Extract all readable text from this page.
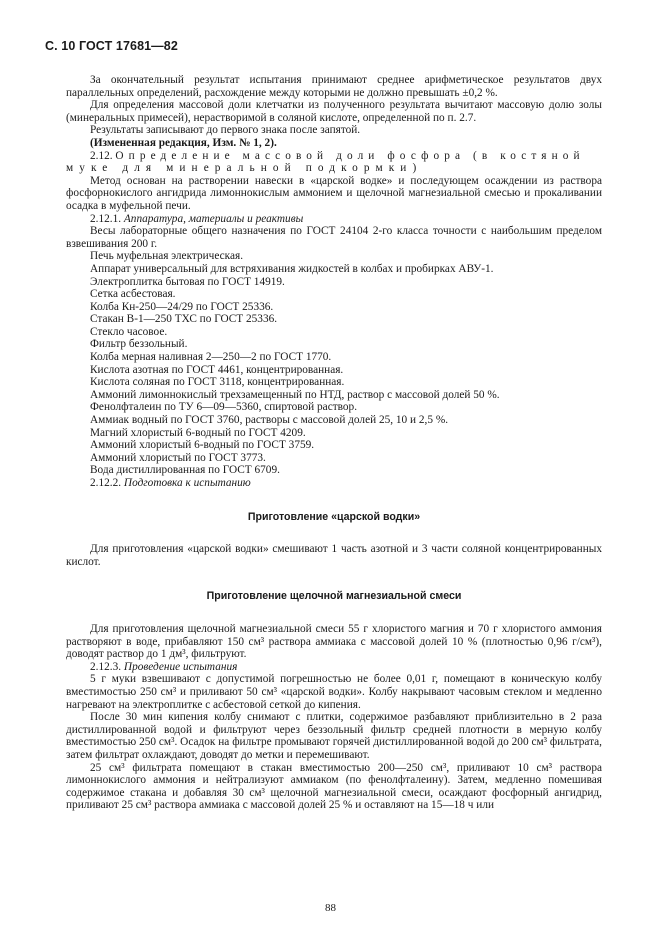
С. 10 ГОСТ 17681—82

За окончательный результат испытания принимают среднее арифметическое результатов двух параллельных определений, расхождение между которыми не должно превышать ±0,2 %.

Для определения массовой доли клетчатки из полученного результата вычитают массовую долю золы (минеральных примесей), нерастворимой в соляной кислоте, определенной по п. 2.7.

Результаты записывают до первого знака после запятой.

(Измененная редакция, Изм. № 1, 2).

2.12. Определение массовой доли фосфора (в костяной

муке для минеральной подкормки)

Метод основан на растворении навески в «царской водке» и последующем осаждении из раствора фосфорнокислого ангидрида лимоннокислым аммонием и щелочной магнезиальной смесью и прокаливании осадка в муфельной печи.

2.12.1. Аппаратура, материалы и реактивы

Весы лабораторные общего назначения по ГОСТ 24104 2-го класса точности с наибольшим пределом взвешивания 200 г.

Печь муфельная электрическая.

Аппарат универсальный для встряхивания жидкостей в колбах и пробирках АВУ-1.

Электроплитка бытовая по ГОСТ 14919.

Сетка асбестовая.

Колба Кн-250—24/29 по ГОСТ 25336.

Стакан В-1—250 ТХС по ГОСТ 25336.

Стекло часовое.

Фильтр беззольный.

Колба мерная наливная 2—250—2 по ГОСТ 1770.

Кислота азотная по ГОСТ 4461, концентрированная.

Кислота соляная по ГОСТ 3118, концентрированная.

Аммоний лимоннокислый трехзамещенный по НТД, раствор с массовой долей 50 %.

Фенолфталеин по ТУ 6—09—5360, спиртовой раствор.

Аммиак водный по ГОСТ 3760, растворы с массовой долей 25, 10 и 2,5 %.

Магний хлористый 6-водный по ГОСТ 4209.

Аммоний хлористый 6-водный по ГОСТ 3759.

Аммоний хлористый по ГОСТ 3773.

Вода дистиллированная по ГОСТ 6709.

2.12.2. Подготовка к испытанию

Приготовление «царской водки»

Для приготовления «царской водки» смешивают 1 часть азотной и 3 части соляной концентрированных кислот.

Приготовление щелочной магнезиальной смеси

Для приготовления щелочной магнезиальной смеси 55 г хлористого магния и 70 г хлористого аммония растворяют в воде, прибавляют 150 см³ раствора аммиака с массовой долей 10 % (плотностью 0,96 г/см³), доводят раствор до 1 дм³, фильтруют.

2.12.3. Проведение испытания

5 г муки взвешивают с допустимой погрешностью не более 0,01 г, помещают в коническую колбу вместимостью 250 см³ и приливают 50 см³ «царской водки». Колбу накрывают часовым стеклом и медленно нагревают на электроплитке с асбестовой сеткой до кипения.

После 30 мин кипения колбу снимают с плитки, содержимое разбавляют приблизительно в 2 раза дистиллированной водой и фильтруют через беззольный фильтр средней плотности в мерную колбу вместимостью 250 см³. Осадок на фильтре промывают горячей дистиллированной водой до 200 см³ фильтрата, затем фильтрат охлаждают, доводят до метки и перемешивают.

25 см³ фильтрата помещают в стакан вместимостью 200—250 см³, приливают 10 см³ раствора лимоннокислого аммония и нейтрализуют аммиаком (по фенолфталеину). Затем, медленно помешивая содержимое стакана и добавляя 30 см³ щелочной магнезиальной смеси, осаждают фосфорный ангидрид, приливают 25 см³ раствора аммиака с массовой долей 25 % и оставляют на 15—18 ч или

88
